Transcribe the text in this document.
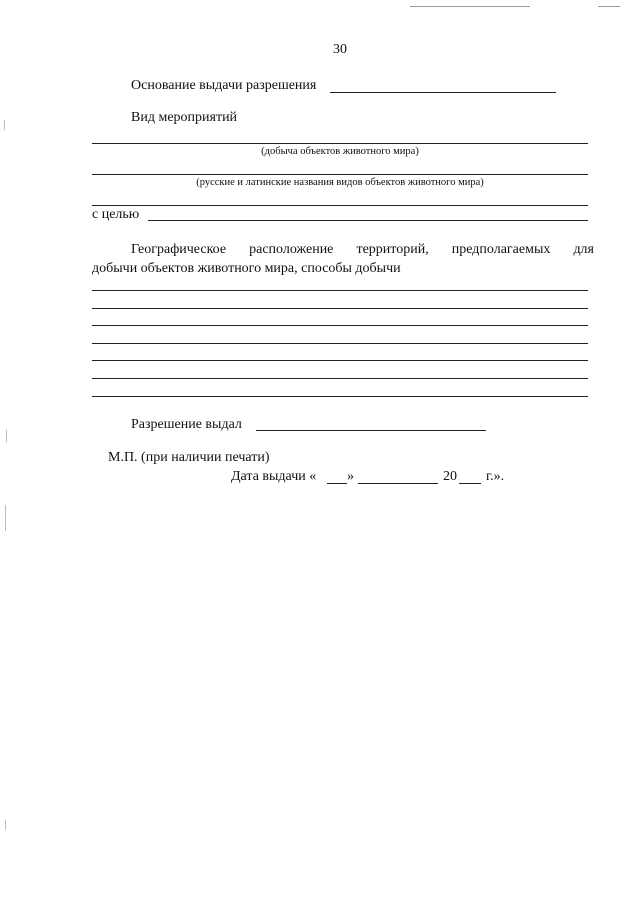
30
Основание выдачи разрешения
Вид мероприятий
(добыча объектов животного мира)
(русские и латинские названия видов объектов животного мира)
с целью
Географическое расположение территорий, предполагаемых для
добычи объектов животного мира, способы добычи
Разрешение выдал
М.П. (при наличии печати)
Дата выдачи « »	20 г.».
